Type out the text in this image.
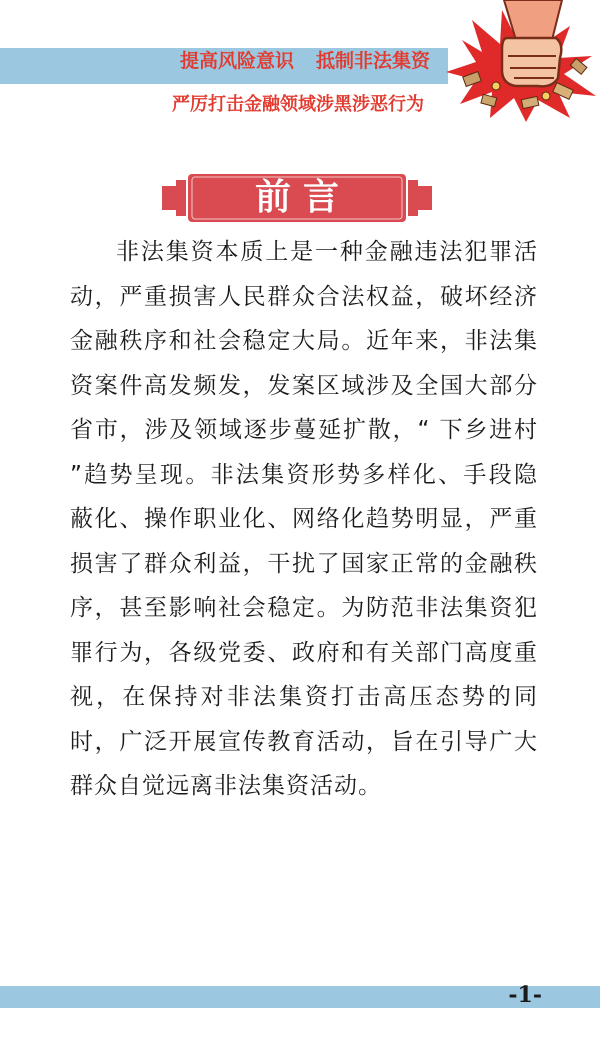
提高风险意识 抵制非法集资
严厉打击金融领域涉黑涉恶行为
前言
非法集资本质上是一种金融违法犯罪活动，严重损害人民群众合法权益，破坏经济金融秩序和社会稳定大局。近年来，非法集资案件高发频发，发案区域涉及全国大部分省市，涉及领域逐步蔓延扩散，“ 下乡进村 ”趋势呈现。非法集资形势多样化、手段隐蔽化、操作职业化、网络化趋势明显，严重损害了群众利益，干扰了国家正常的金融秩序，甚至影响社会稳定。为防范非法集资犯罪行为，各级党委、政府和有关部门高度重视，在保持对非法集资打击高压态势的同时，广泛开展宣传教育活动，旨在引导广大群众自觉远离非法集资活动。
-1-
